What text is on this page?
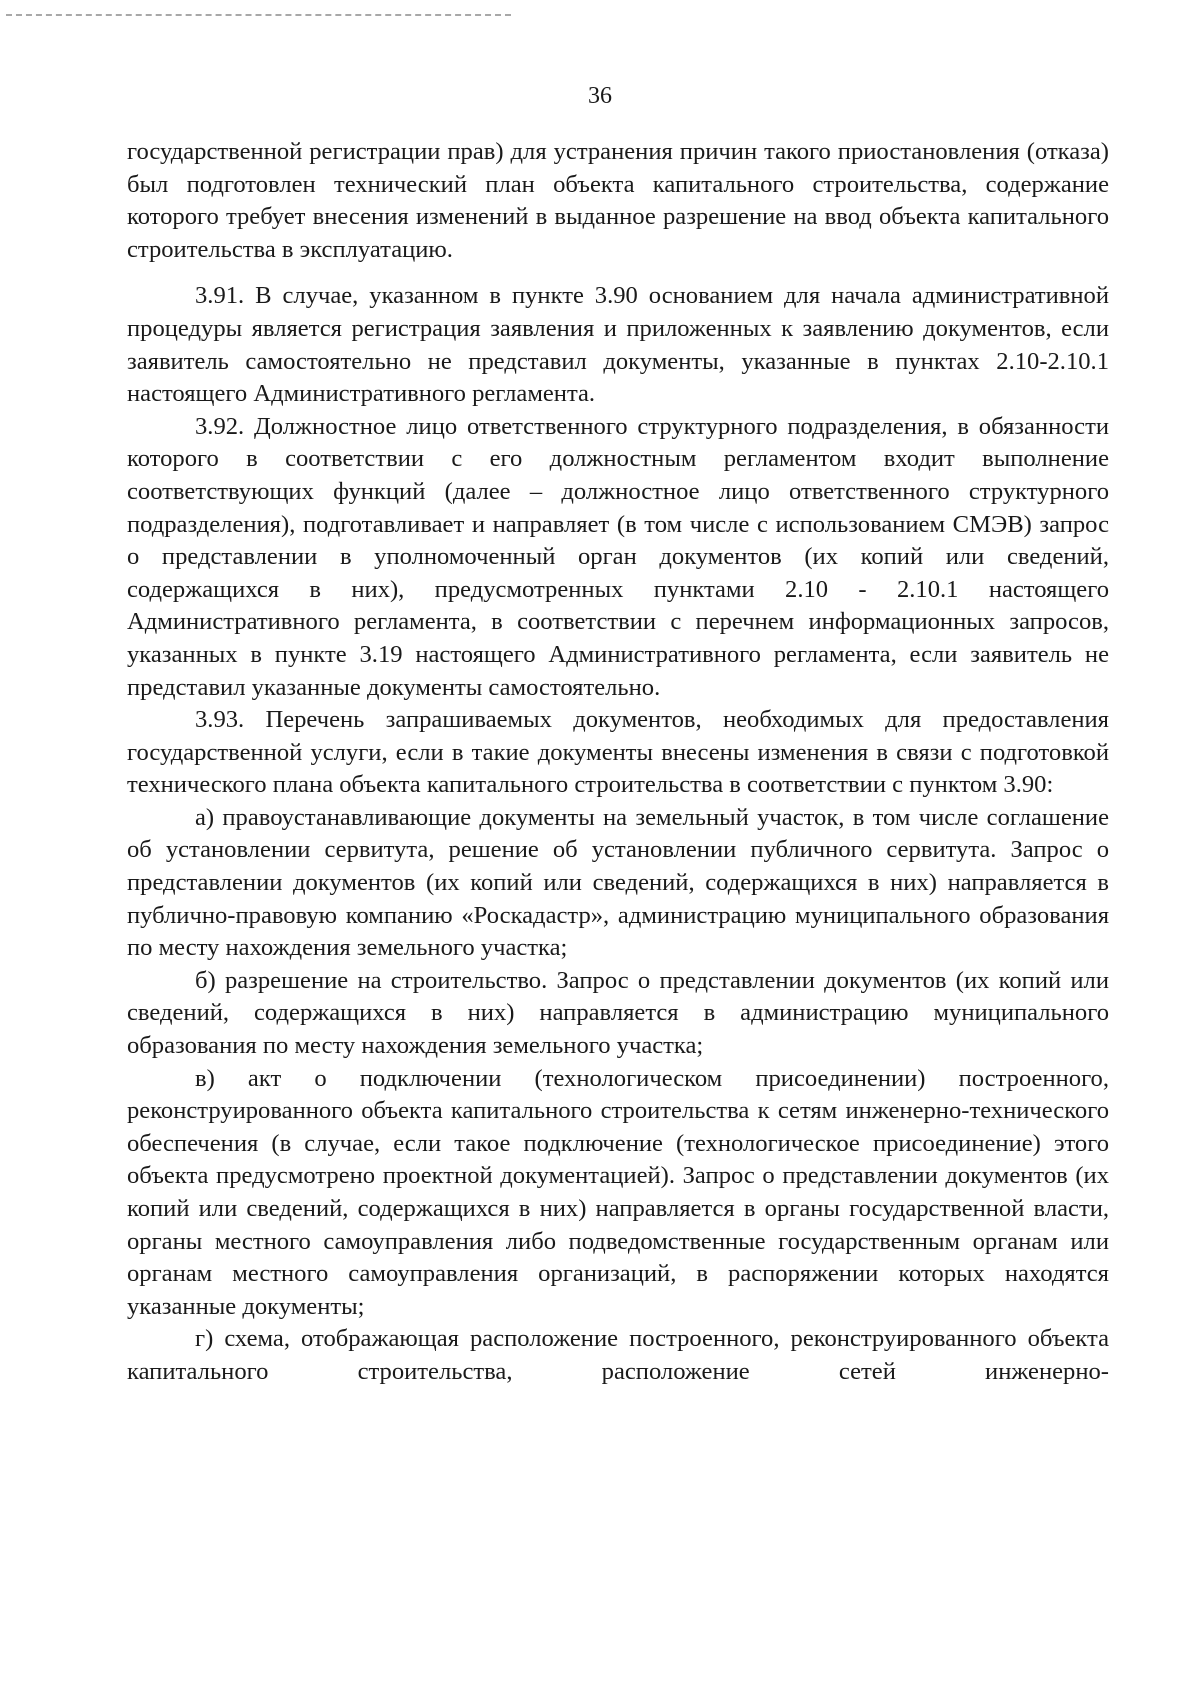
36

государственной регистрации прав) для устранения причин такого приостановления (отказа) был подготовлен технический план объекта капитального строительства, содержание которого требует внесения изменений в выданное разрешение на ввод объекта капитального строительства в эксплуатацию.

3.91. В случае, указанном в пункте 3.90 основанием для начала административной процедуры является регистрация заявления и приложенных к заявлению документов, если заявитель самостоятельно не представил документы, указанные в пунктах 2.10-2.10.1 настоящего Административного регламента.

3.92. Должностное лицо ответственного структурного подразделения, в обязанности которого в соответствии с его должностным регламентом входит выполнение соответствующих функций (далее – должностное лицо ответственного структурного подразделения), подготавливает и направляет (в том числе с использованием СМЭВ) запрос о представлении в уполномоченный орган документов (их копий или сведений, содержащихся в них), предусмотренных пунктами 2.10 - 2.10.1 настоящего Административного регламента, в соответствии с перечнем информационных запросов, указанных в пункте 3.19 настоящего Административного регламента, если заявитель не представил указанные документы самостоятельно.

3.93. Перечень запрашиваемых документов, необходимых для предоставления государственной услуги, если в такие документы внесены изменения в связи с подготовкой технического плана объекта капитального строительства в соответствии с пунктом 3.90:

а) правоустанавливающие документы на земельный участок, в том числе соглашение об установлении сервитута, решение об установлении публичного сервитута. Запрос о представлении документов (их копий или сведений, содержащихся в них) направляется в публично-правовую компанию «Роскадастр», администрацию муниципального образования по месту нахождения земельного участка;

б) разрешение на строительство. Запрос о представлении документов (их копий или сведений, содержащихся в них) направляется в администрацию муниципального образования по месту нахождения земельного участка;

в) акт о подключении (технологическом присоединении) построенного, реконструированного объекта капитального строительства к сетям инженерно-технического обеспечения (в случае, если такое подключение (технологическое присоединение) этого объекта предусмотрено проектной документацией). Запрос о представлении документов (их копий или сведений, содержащихся в них) направляется в органы государственной власти, органы местного самоуправления либо подведомственные государственным органам или органам местного самоуправления организаций, в распоряжении которых находятся указанные документы;

г) схема, отображающая расположение построенного, реконструированного объекта капитального строительства, расположение сетей инженерно-
